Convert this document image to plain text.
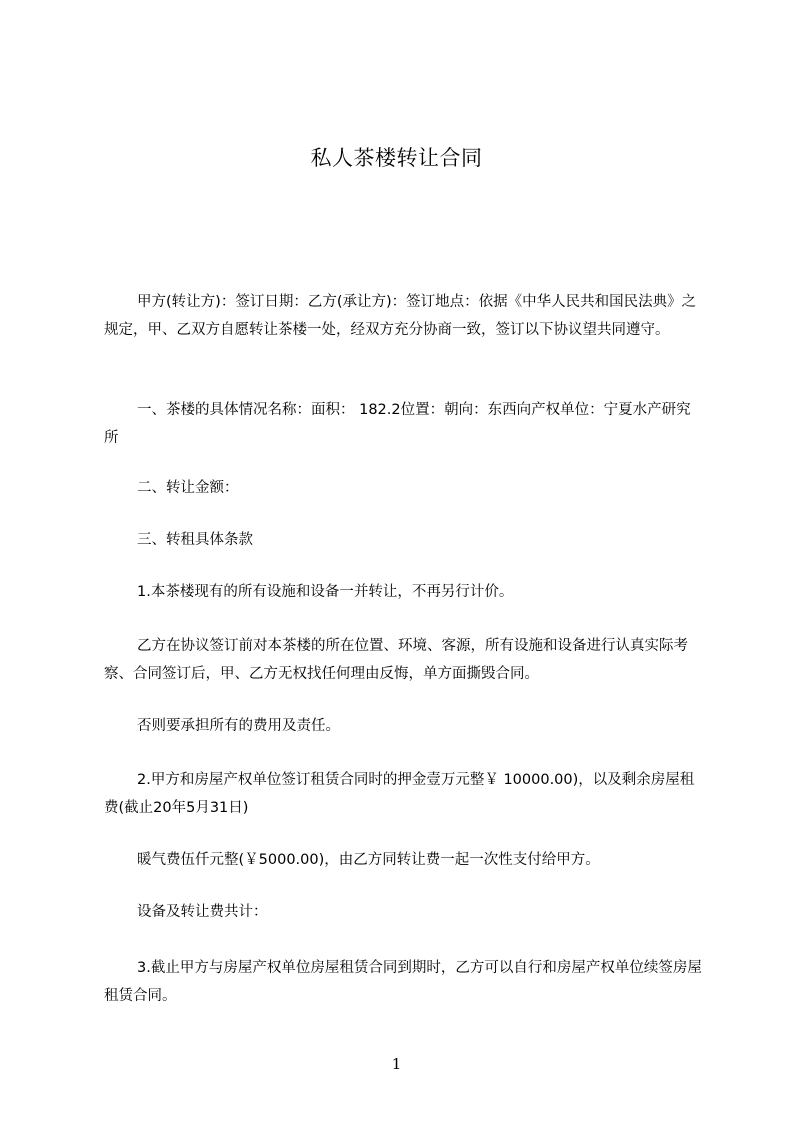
私人茶楼转让合同
甲方(转让方)：签订日期：乙方(承让方)：签订地点：依据《中华人民共和国民法典》之规定，甲、乙双方自愿转让茶楼一处，经双方充分协商一致，签订以下协议望共同遵守。
一、茶楼的具体情况名称：面积： 182.2位置：朝向：东西向产权单位：宁夏水产研究所
二、转让金额：
三、转租具体条款
1.本茶楼现有的所有设施和设备一并转让，不再另行计价。
乙方在协议签订前对本茶楼的所在位置、环境、客源，所有设施和设备进行认真实际考察、合同签订后，甲、乙方无权找任何理由反悔，单方面撕毁合同。
否则要承担所有的费用及责任。
2.甲方和房屋产权单位签订租赁合同时的押金壹万元整￥ 10000.00)，以及剩余房屋租费(截止20年5月31日)
暖气费伍仟元整(￥5000.00)，由乙方同转让费一起一次性支付给甲方。
设备及转让费共计：
3.截止甲方与房屋产权单位房屋租赁合同到期时，乙方可以自行和房屋产权单位续签房屋租赁合同。
1
